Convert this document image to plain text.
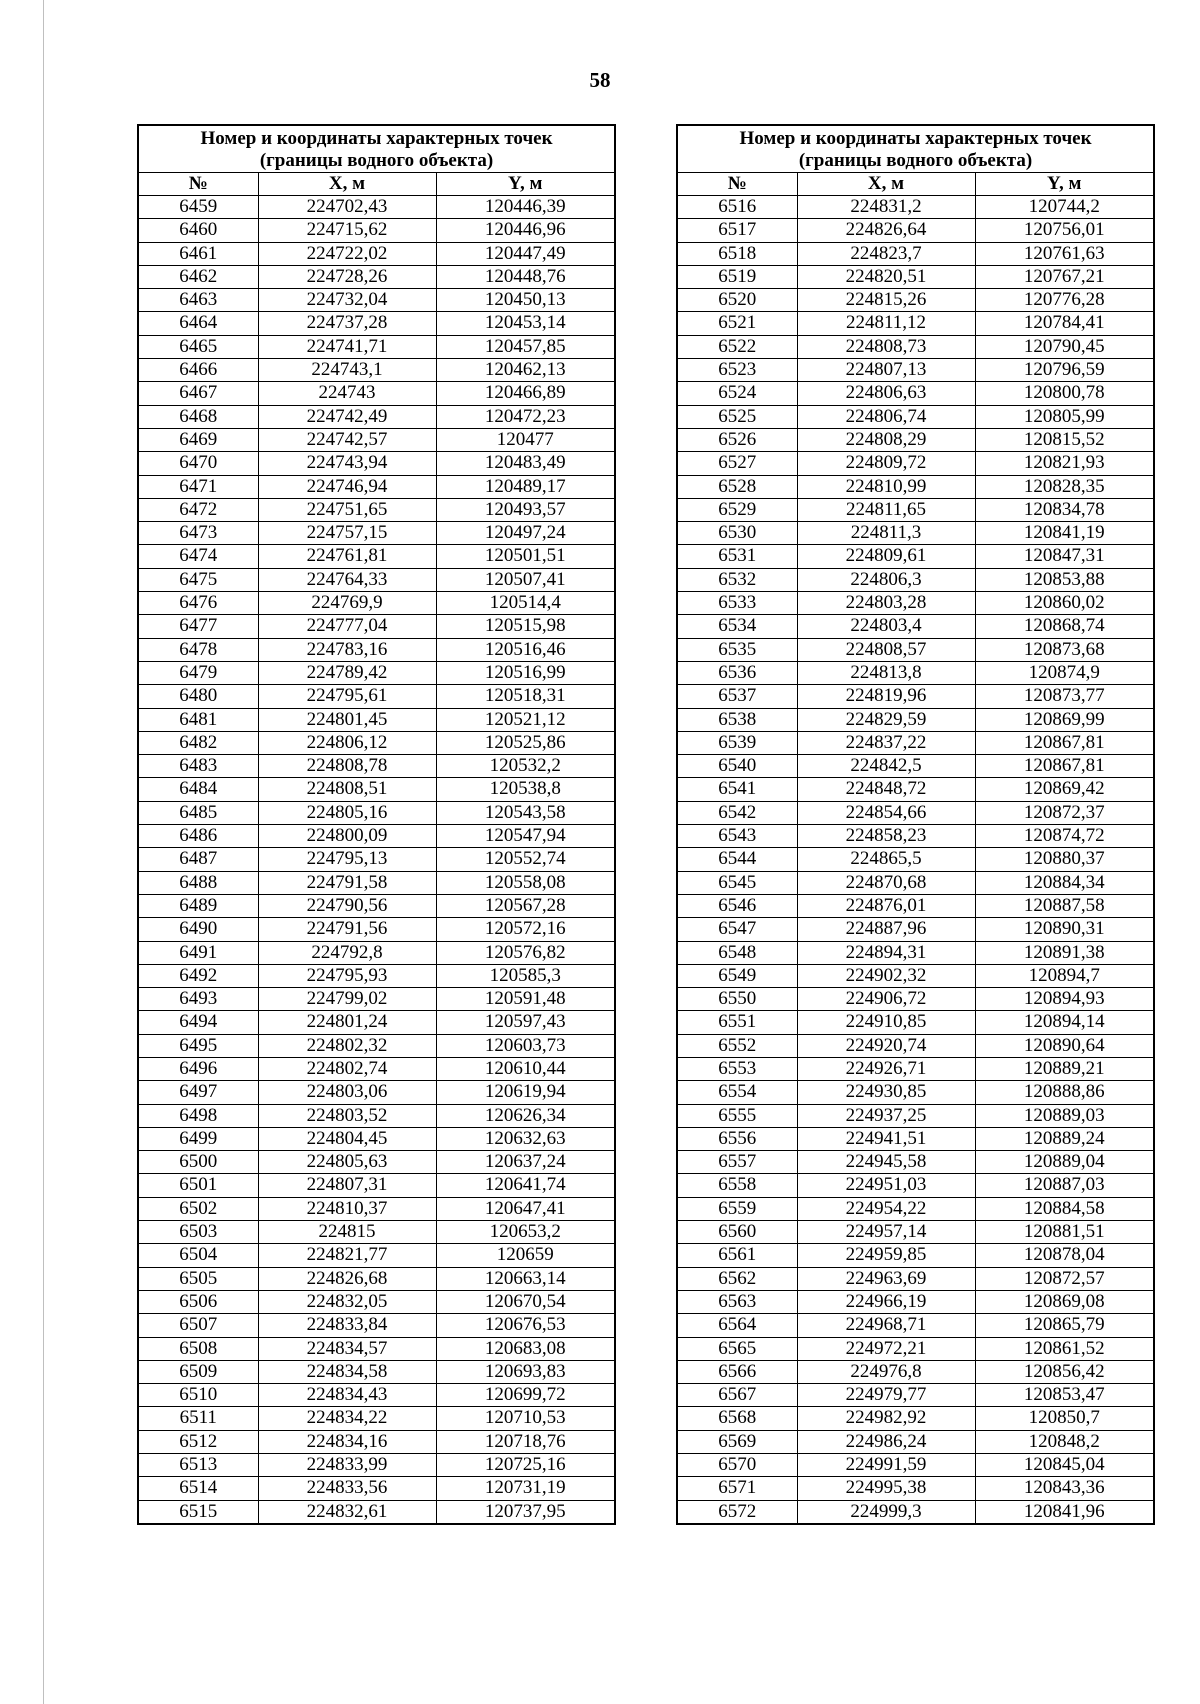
58
Номер и координаты характерных точек
(границы водного объекта)		

№	X, м	Y, м
6459	224702,43	120446,39
6460	224715,62	120446,96
6461	224722,02	120447,49
6462	224728,26	120448,76
6463	224732,04	120450,13
6464	224737,28	120453,14
6465	224741,71	120457,85
6466	224743,1	120462,13
6467	224743	120466,89
6468	224742,49	120472,23
6469	224742,57	120477
6470	224743,94	120483,49
6471	224746,94	120489,17
6472	224751,65	120493,57
6473	224757,15	120497,24
6474	224761,81	120501,51
6475	224764,33	120507,41
6476	224769,9	120514,4
6477	224777,04	120515,98
6478	224783,16	120516,46
6479	224789,42	120516,99
6480	224795,61	120518,31
6481	224801,45	120521,12
6482	224806,12	120525,86
6483	224808,78	120532,2
6484	224808,51	120538,8
6485	224805,16	120543,58
6486	224800,09	120547,94
6487	224795,13	120552,74
6488	224791,58	120558,08
6489	224790,56	120567,28
6490	224791,56	120572,16
6491	224792,8	120576,82
6492	224795,93	120585,3
6493	224799,02	120591,48
6494	224801,24	120597,43
6495	224802,32	120603,73
6496	224802,74	120610,44
6497	224803,06	120619,94
6498	224803,52	120626,34
6499	224804,45	120632,63
6500	224805,63	120637,24
6501	224807,31	120641,74
6502	224810,37	120647,41
6503	224815	120653,2
6504	224821,77	120659
6505	224826,68	120663,14
6506	224832,05	120670,54
6507	224833,84	120676,53
6508	224834,57	120683,08
6509	224834,58	120693,83
6510	224834,43	120699,72
6511	224834,22	120710,53
6512	224834,16	120718,76
6513	224833,99	120725,16
6514	224833,56	120731,19
6515	224832,61	120737,95
Номер и координаты характерных точек
(границы водного объекта)		

№	X, м	Y, м
6516	224831,2	120744,2
6517	224826,64	120756,01
6518	224823,7	120761,63
6519	224820,51	120767,21
6520	224815,26	120776,28
6521	224811,12	120784,41
6522	224808,73	120790,45
6523	224807,13	120796,59
6524	224806,63	120800,78
6525	224806,74	120805,99
6526	224808,29	120815,52
6527	224809,72	120821,93
6528	224810,99	120828,35
6529	224811,65	120834,78
6530	224811,3	120841,19
6531	224809,61	120847,31
6532	224806,3	120853,88
6533	224803,28	120860,02
6534	224803,4	120868,74
6535	224808,57	120873,68
6536	224813,8	120874,9
6537	224819,96	120873,77
6538	224829,59	120869,99
6539	224837,22	120867,81
6540	224842,5	120867,81
6541	224848,72	120869,42
6542	224854,66	120872,37
6543	224858,23	120874,72
6544	224865,5	120880,37
6545	224870,68	120884,34
6546	224876,01	120887,58
6547	224887,96	120890,31
6548	224894,31	120891,38
6549	224902,32	120894,7
6550	224906,72	120894,93
6551	224910,85	120894,14
6552	224920,74	120890,64
6553	224926,71	120889,21
6554	224930,85	120888,86
6555	224937,25	120889,03
6556	224941,51	120889,24
6557	224945,58	120889,04
6558	224951,03	120887,03
6559	224954,22	120884,58
6560	224957,14	120881,51
6561	224959,85	120878,04
6562	224963,69	120872,57
6563	224966,19	120869,08
6564	224968,71	120865,79
6565	224972,21	120861,52
6566	224976,8	120856,42
6567	224979,77	120853,47
6568	224982,92	120850,7
6569	224986,24	120848,2
6570	224991,59	120845,04
6571	224995,38	120843,36
6572	224999,3	120841,96
